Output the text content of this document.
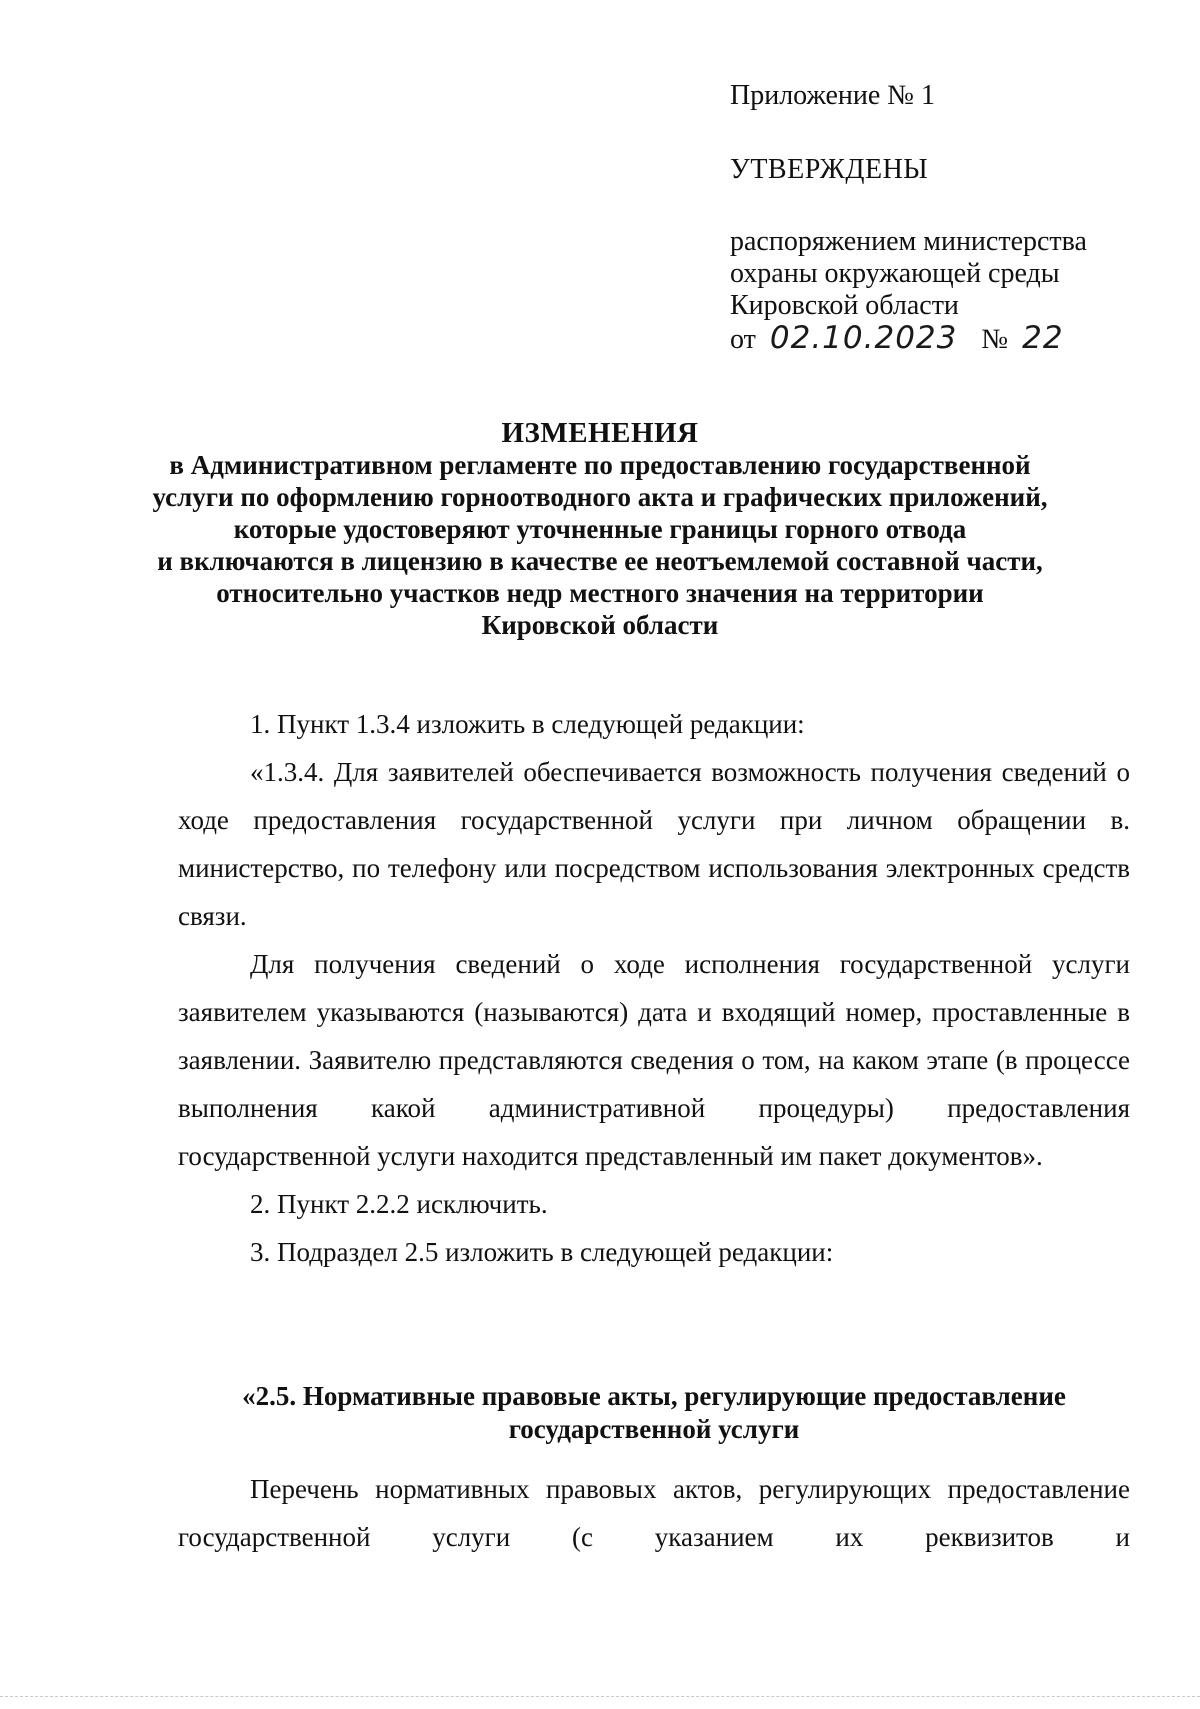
Приложение № 1
УТВЕРЖДЕНЫ
распоряжением министерства
охраны окружающей среды
Кировской области
от 02.10.2023 № 22
ИЗМЕНЕНИЯ
в Административном регламенте по предоставлению государственной
услуги по оформлению горноотводного акта и графических приложений,
которые удостоверяют уточненные границы горного отвода
и включаются в лицензию в качестве ее неотъемлемой составной части,
относительно участков недр местного значения на территории
Кировской области

1. Пункт 1.3.4 изложить в следующей редакции:

«1.3.4. Для заявителей обеспечивается возможность получения сведений о ходе предоставления государственной услуги при личном обращении в. министерство, по телефону или посредством использования электронных средств связи.

Для получения сведений о ходе исполнения государственной услуги заявителем указываются (называются) дата и входящий номер, проставленные в заявлении. Заявителю представляются сведения о том, на каком этапе (в процессе выполнения какой административной процедуры) предоставления государственной услуги находится представленный им пакет документов».

2. Пункт 2.2.2 исключить.

3. Подраздел 2.5 изложить в следующей редакции:

«2.5. Нормативные правовые акты, регулирующие предоставление
государственной услуги

Перечень нормативных правовых актов, регулирующих предоставление государственной услуги (с указанием их реквизитов и
